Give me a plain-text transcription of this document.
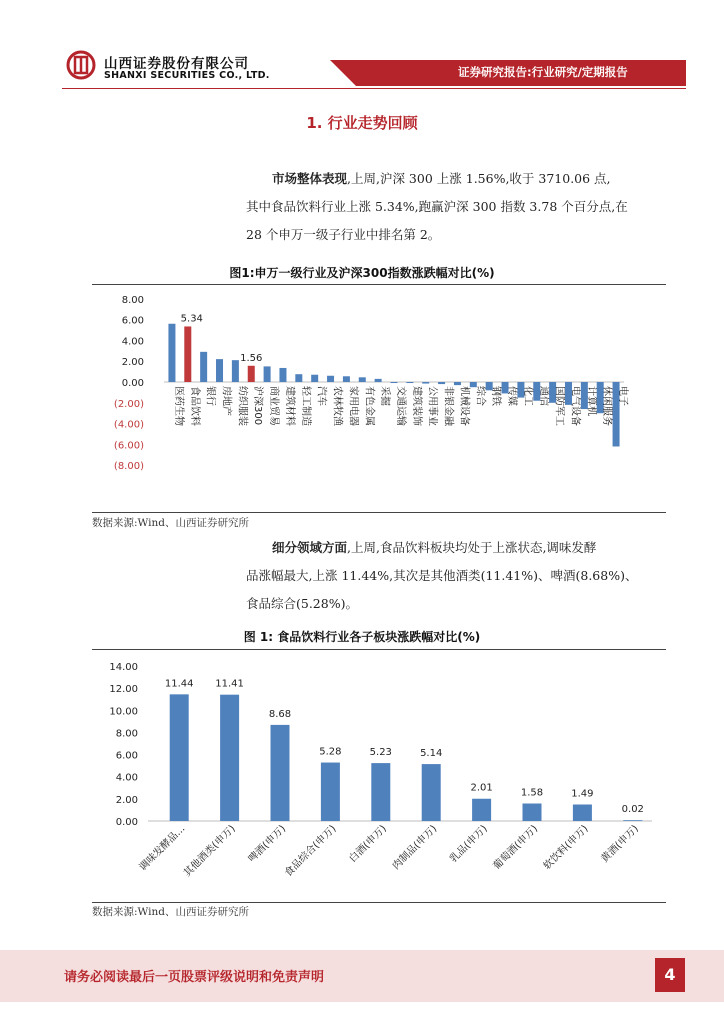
山西证券股份有限公司
SHANXI SECURITIES CO., LTD.	证券研究报告:行业研究/定期报告
1. 行业走势回顾
市场整体表现,上周,沪深 300 上涨 1.56%,收于 3710.06 点,
其中食品饮料行业上涨 5.34%,跑赢沪深 300 指数 3.78 个百分点,在
28 个申万一级子行业中排名第 2。
图1:申万一级行业及沪深300指数涨跌幅对比(%)
8.00
6.00
4.00
2.00
0.00
(2.00)
(4.00)
(6.00)
(8.00)
医药生物
5.34
食品饮料 银行 房地产 纺织服装
1.56
沪深300 商业贸易 建筑材料 轻工制造 汽车 农林牧渔 家用电器 有色金属 采掘 交通运输 建筑装饰 公用事业 非银金融 机械设备 综合 钢铁 传媒 化工 通信 国防军工 电气设备 计算机 休闲服务 电子
数据来源:Wind、山西证券研究所
细分领域方面,上周,食品饮料板块均处于上涨状态,调味发酵
品涨幅最大,上涨 11.44%,其次是其他酒类(11.41%)、啤酒(8.68%)、
食品综合(5.28%)。
图 1: 食品饮料行业各子板块涨跌幅对比(%)
14.00
12.00
10.00
8.00
6.00
4.00
2.00
0.00
11.44
调味发酵品...
11.41
其他酒类(申万)
8.68
啤酒(申万)
5.28
食品综合(申万)
5.23
白酒(申万)
5.14
肉制品(申万)
2.01
乳品(申万)
1.58
葡萄酒(申万)
1.49
软饮料(申万)
0.02
黄酒(申万)
数据来源:Wind、山西证券研究所
请务必阅读最后一页股票评级说明和免责声明	4
